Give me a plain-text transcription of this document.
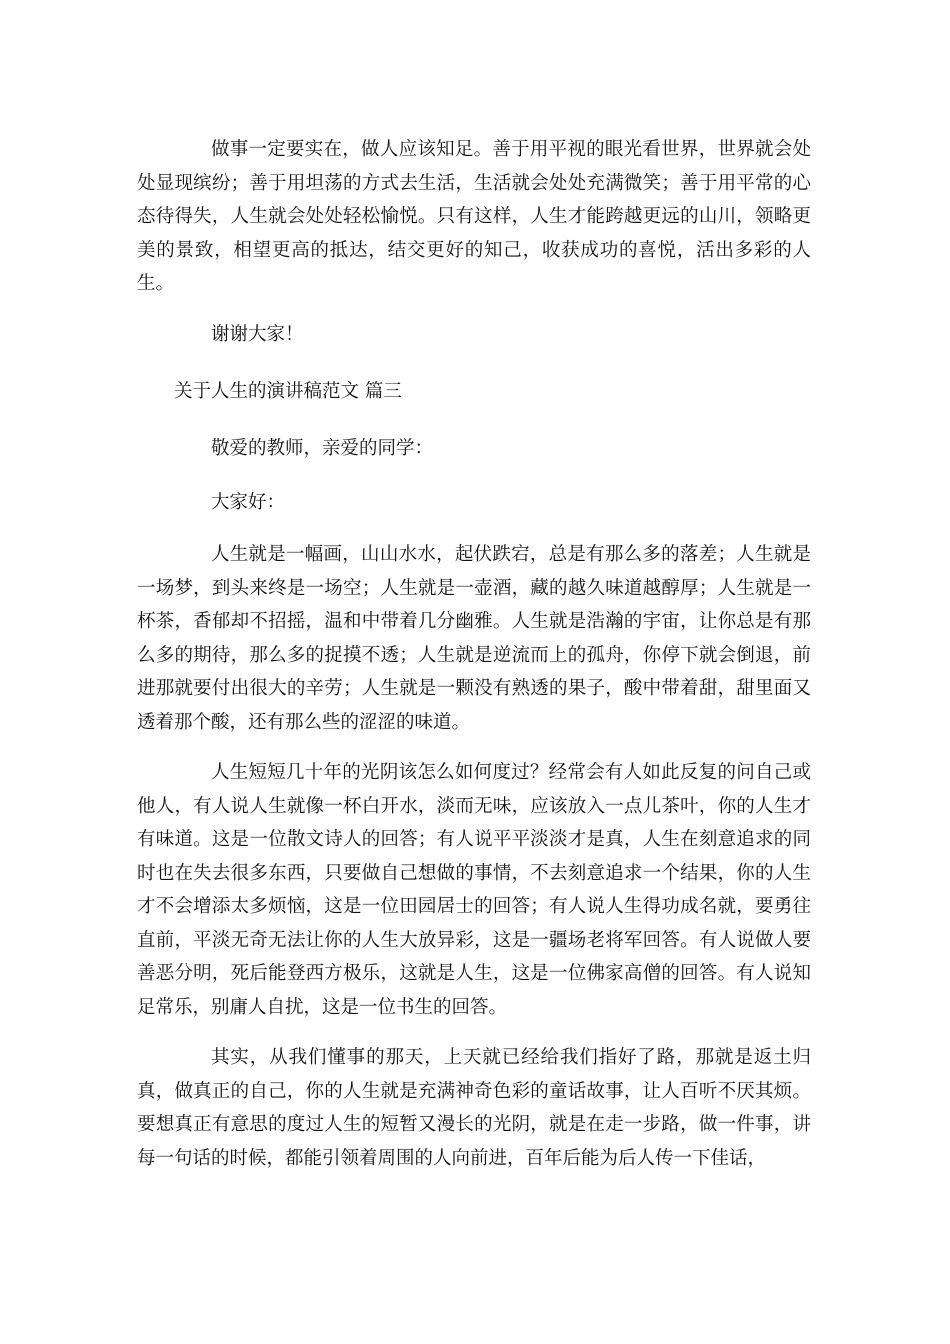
做事一定要实在，做人应该知足。善于用平视的眼光看世界，世界就会处处显现缤纷；善于用坦荡的方式去生活，生活就会处处充满微笑；善于用平常的心态待得失，人生就会处处轻松愉悦。只有这样，人生才能跨越更远的山川，领略更美的景致，相望更高的抵达，结交更好的知己，收获成功的喜悦，活出多彩的人生。

谢谢大家！

关于人生的演讲稿范文 篇三

敬爱的教师，亲爱的同学：

大家好：

人生就是一幅画，山山水水，起伏跌宕，总是有那么多的落差；人生就是一场梦，到头来终是一场空；人生就是一壶酒，藏的越久味道越醇厚；人生就是一杯茶，香郁却不招摇，温和中带着几分幽雅。人生就是浩瀚的宇宙，让你总是有那么多的期待，那么多的捉摸不透；人生就是逆流而上的孤舟，你停下就会倒退，前进那就要付出很大的辛劳；人生就是一颗没有熟透的果子，酸中带着甜，甜里面又透着那个酸，还有那么些的涩涩的味道。

人生短短几十年的光阴该怎么如何度过？经常会有人如此反复的问自己或他人，有人说人生就像一杯白开水，淡而无味，应该放入一点儿茶叶，你的人生才有味道。这是一位散文诗人的回答；有人说平平淡淡才是真，人生在刻意追求的同时也在失去很多东西，只要做自己想做的事情，不去刻意追求一个结果，你的人生才不会增添太多烦恼，这是一位田园居士的回答；有人说人生得功成名就，要勇往直前，平淡无奇无法让你的人生大放异彩，这是一疆场老将军回答。有人说做人要善恶分明，死后能登西方极乐，这就是人生，这是一位佛家高僧的回答。有人说知足常乐，别庸人自扰，这是一位书生的回答。

其实，从我们懂事的那天，上天就已经给我们指好了路，那就是返土归真，做真正的自己，你的人生就是充满神奇色彩的童话故事，让人百听不厌其烦。要想真正有意思的度过人生的短暂又漫长的光阴，就是在走一步路，做一件事，讲每一句话的时候，都能引领着周围的人向前进，百年后能为后人传一下佳话，
